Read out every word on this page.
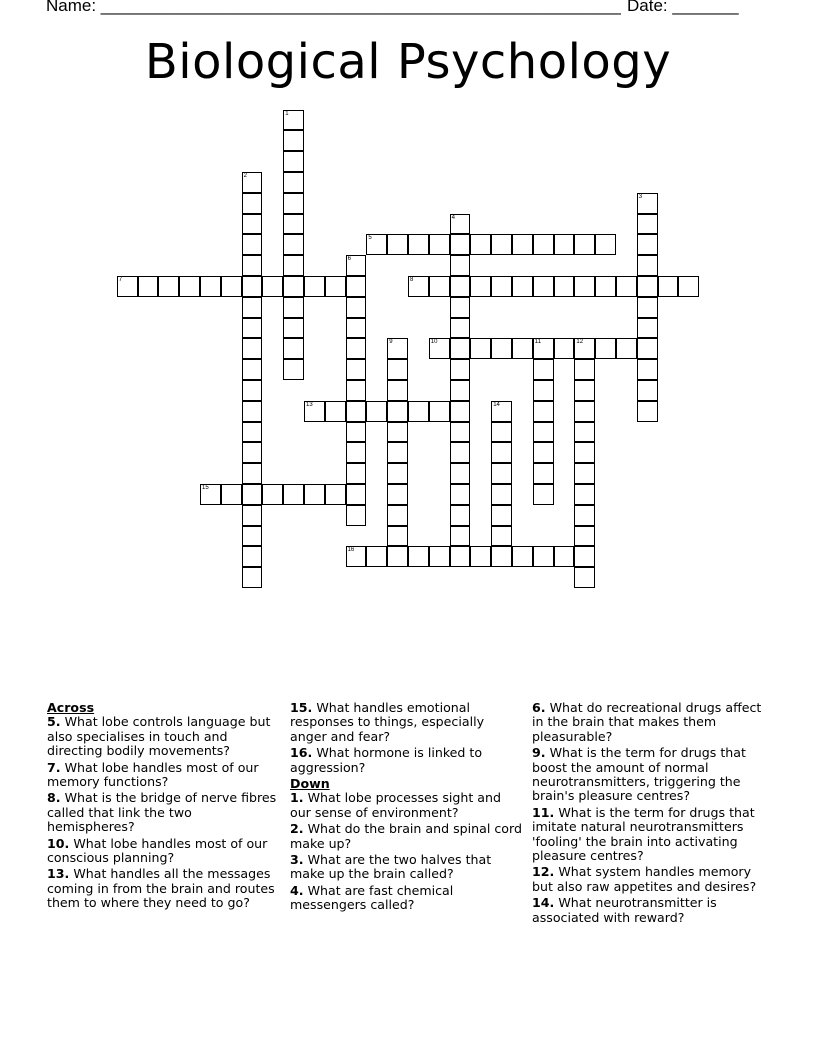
Name: _______________________________________________________ Date: _______
Biological Psychology
1
2
3
4
5
6
7	8
9	10	11	12
13	14
15
16
Across
5. What lobe controls language but also specialises in touch and directing bodily movements?
7. What lobe handles most of our memory functions?
8. What is the bridge of nerve fibres called that link the two hemispheres?
10. What lobe handles most of our conscious planning?
13. What handles all the messages coming in from the brain and routes them to where they need to go?
15. What handles emotional responses to things, especially anger and fear?
16. What hormone is linked to aggression?
Down
1. What lobe processes sight and our sense of environment?
2. What do the brain and spinal cord make up?
3. What are the two halves that make up the brain called?
4. What are fast chemical messengers called?
6. What do recreational drugs affect in the brain that makes them pleasurable?
9. What is the term for drugs that boost the amount of normal neurotransmitters, triggering the brain's pleasure centres?
11. What is the term for drugs that imitate natural neurotransmitters 'fooling' the brain into activating pleasure centres?
12. What system handles memory but also raw appetites and desires?
14. What neurotransmitter is associated with reward?
